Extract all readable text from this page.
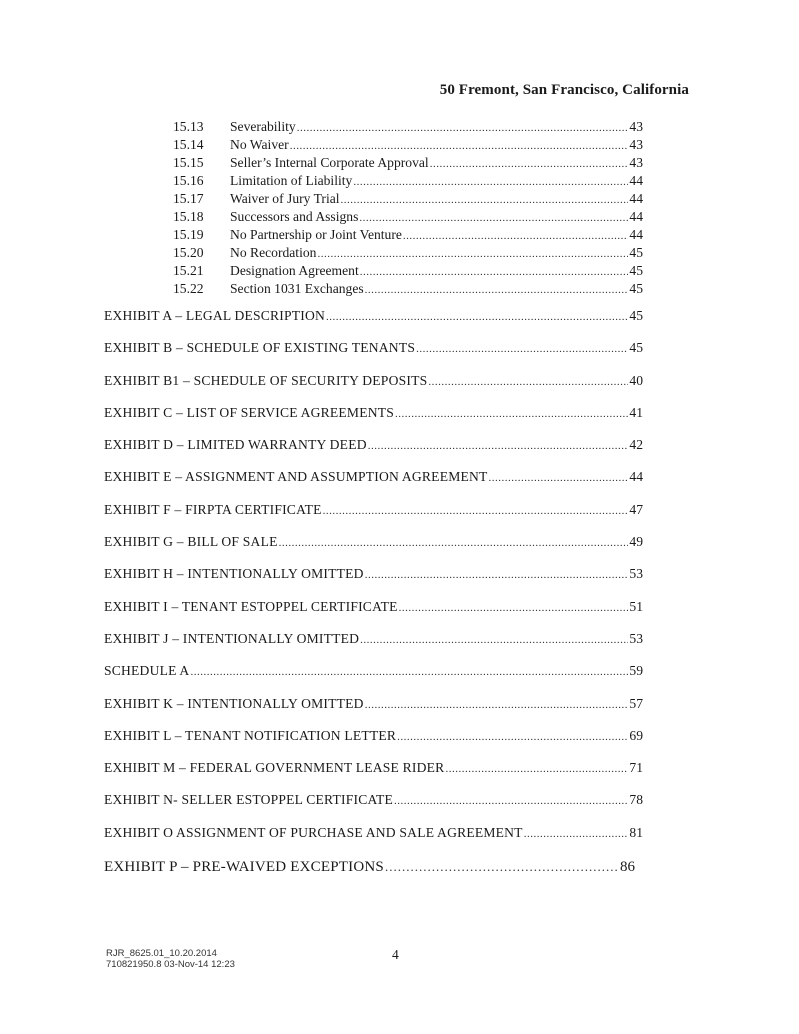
50 Fremont, San Francisco, California
15.13	Severability .....	43
15.14	No Waiver .....	43
15.15	Seller’s Internal Corporate Approval .....	43
15.16	Limitation of Liability .....	44
15.17	Waiver of Jury Trial .....	44
15.18	Successors and Assigns .....	44
15.19	No Partnership or Joint Venture .....	44
15.20	No Recordation .....	45
15.21	Designation Agreement .....	45
15.22	Section 1031 Exchanges .....	45
EXHIBIT A – LEGAL DESCRIPTION .....	45
EXHIBIT B – SCHEDULE OF EXISTING TENANTS .....	45
EXHIBIT B1 – SCHEDULE OF SECURITY DEPOSITS .....	40
EXHIBIT C – LIST OF SERVICE AGREEMENTS .....	41
EXHIBIT D – LIMITED WARRANTY DEED .....	42
EXHIBIT E – ASSIGNMENT AND ASSUMPTION AGREEMENT .....	44
EXHIBIT F – FIRPTA CERTIFICATE .....	47
EXHIBIT G – BILL OF SALE .....	49
EXHIBIT H – INTENTIONALLY OMITTED .....	53
EXHIBIT I – TENANT ESTOPPEL CERTIFICATE .....	51
EXHIBIT J – INTENTIONALLY OMITTED .....	53
SCHEDULE A .....	59
EXHIBIT K – INTENTIONALLY OMITTED .....	57
EXHIBIT L – TENANT NOTIFICATION LETTER .....	69
EXHIBIT M – FEDERAL GOVERNMENT LEASE RIDER .....	71
EXHIBIT N- SELLER ESTOPPEL CERTIFICATE .....	78
EXHIBIT O ASSIGNMENT OF PURCHASE AND SALE AGREEMENT .....	81
EXHIBIT P – PRE-WAIVED EXCEPTIONS .....	86
RJR_8625.01_10.20.2014
710821950.8 03-Nov-14 12:23
4
